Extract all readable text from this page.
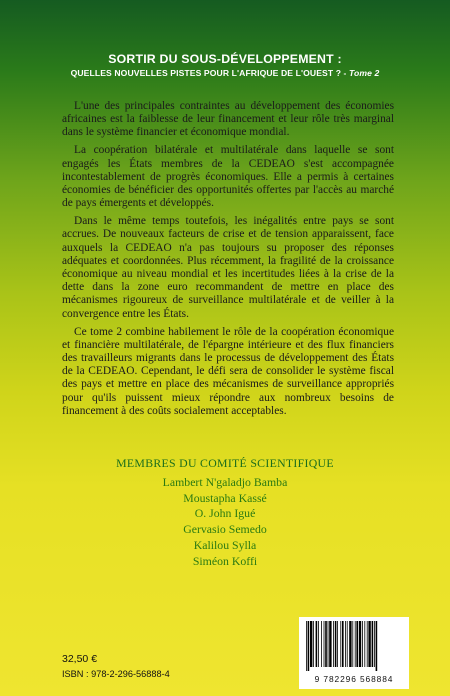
SORTIR DU SOUS-DÉVELOPPEMENT :
QUELLES NOUVELLES PISTES POUR L'AFRIQUE DE L'OUEST ? - Tome 2

L'une des principales contraintes au développement des économies africaines est la faiblesse de leur financement et leur rôle très marginal dans le système financier et économique mondial.

La coopération bilatérale et multilatérale dans laquelle se sont engagés les États membres de la CEDEAO s'est accompagnée incontestablement de progrès économiques. Elle a permis à certaines économies de bénéficier des opportunités offertes par l'accès au marché de pays émergents et développés.

Dans le même temps toutefois, les inégalités entre pays se sont accrues. De nouveaux facteurs de crise et de tension apparaissent, face auxquels la CEDEAO n'a pas toujours su proposer des réponses adéquates et coordonnées. Plus récemment, la fragilité de la croissance économique au niveau mondial et les incertitudes liées à la crise de la dette dans la zone euro recommandent de mettre en place des mécanismes rigoureux de surveillance multilatérale et de veiller à la convergence entre les États.

Ce tome 2 combine habilement le rôle de la coopération économique et financière multilatérale, de l'épargne intérieure et des flux financiers des travailleurs migrants dans le processus de développement des États de la CEDEAO. Cependant, le défi sera de consolider le système fiscal des pays et mettre en place des mécanismes de surveillance appropriés pour qu'ils puissent mieux répondre aux nombreux besoins de financement à des coûts socialement acceptables.

MEMBRES DU COMITÉ SCIENTIFIQUE
Lambert N'galadjo Bamba
Moustapha Kassé
O. John Igué
Gervasio Semedo
Kalilou Sylla
Siméon Koffi
32,50 €
ISBN : 978-2-296-56888-4	9 782296 568884
